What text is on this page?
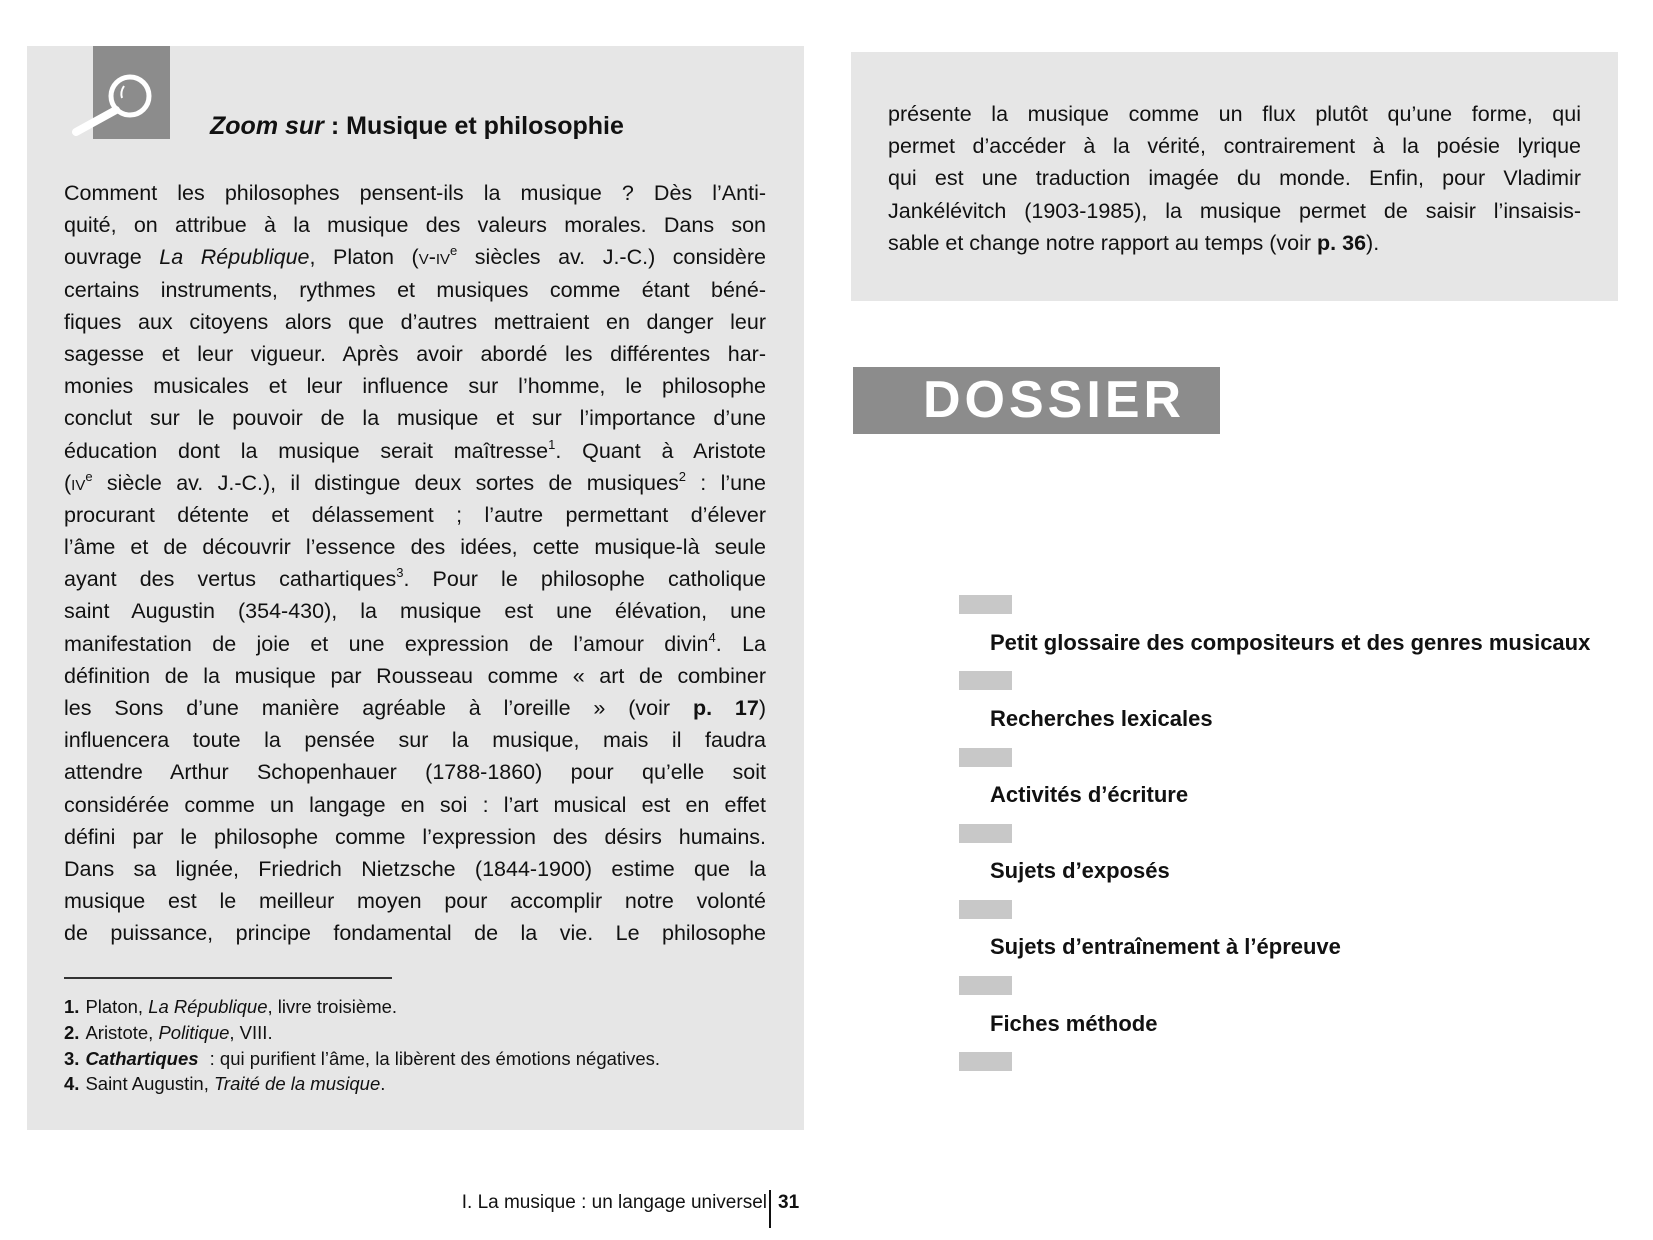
Zoom sur : Musique et philosophie
Comment les philosophes pensent-ils la musique ? Dès l’Anti-
quité, on attribue à la musique des valeurs morales. Dans son
ouvrage La République, Platon ($v-iv^e$ siècles av. J.-C.) considère
certains instruments, rythmes et musiques comme étant béné-
fiques aux citoyens alors que d’autres mettraient en danger leur
sagesse et leur vigueur. Après avoir abordé les différentes har-
monies musicales et leur influence sur l’homme, le philosophe
conclut sur le pouvoir de la musique et sur l’importance d’une
éducation dont la musique serait maîtresse$^1$. Quant à Aristote
($iv^e$ siècle av. J.-C.), il distingue deux sortes de musiques$^2$ : l’une
procurant détente et délassement ; l’autre permettant d’élever
l’âme et de découvrir l’essence des idées, cette musique-là seule
ayant des vertus cathartiques$^3$. Pour le philosophe catholique
saint Augustin (354-430), la musique est une élévation, une
manifestation de joie et une expression de l’amour divin$^4$. La
définition de la musique par Rousseau comme « art de combiner
les Sons d’une manière agréable à l’oreille » (voir p. 17)
influencera toute la pensée sur la musique, mais il faudra
attendre Arthur Schopenhauer (1788-1860) pour qu’elle soit
considérée comme un langage en soi : l’art musical est en effet
défini par le philosophe comme l’expression des désirs humains.
Dans sa lignée, Friedrich Nietzsche (1844-1900) estime que la
musique est le meilleur moyen pour accomplir notre volonté
de puissance, principe fondamental de la vie. Le philosophe
1. Platon, La République, livre troisième.
2. Aristote, Politique, VIII.
3. Cathartiques : qui purifient l’âme, la libèrent des émotions négatives.
4. Saint Augustin, Traité de la musique.
présente la musique comme un flux plutôt qu’une forme, qui
permet d’accéder à la vérité, contrairement à la poésie lyrique
qui est une traduction imagée du monde. Enfin, pour Vladimir
Jankélévitch (1903-1985), la musique permet de saisir l’insaisis-
sable et change notre rapport au temps (voir p. 36).
DOSSIER
Petit glossaire des compositeurs et des genres musicaux
Recherches lexicales
Activités d’écriture
Sujets d’exposés
Sujets d’entraînement à l’épreuve
Fiches méthode
I. La musique : un langage universel 31
